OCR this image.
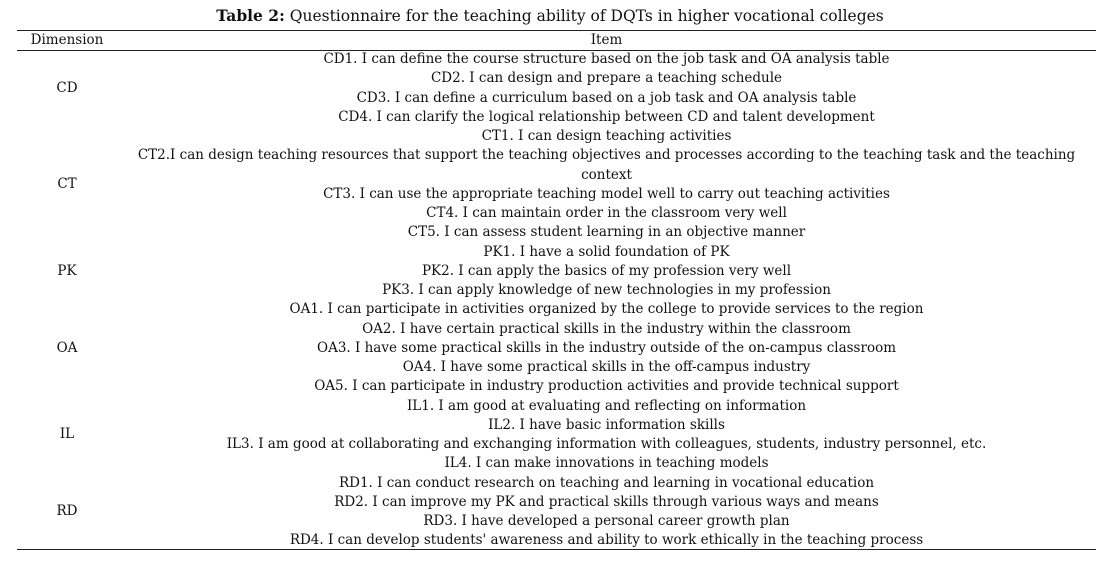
Table 2: Questionnaire for the teaching ability of DQTs in higher vocational colleges
Dimension	Item
CD
CD1. I can define the course structure based on the job task and OA analysis table
CD2. I can design and prepare a teaching schedule
CD3. I can define a curriculum based on a job task and OA analysis table
CD4. I can clarify the logical relationship between CD and talent development
CT
CT1. I can design teaching activities
CT2.I can design teaching resources that support the teaching objectives and processes according to the teaching task and the teaching context
CT3. I can use the appropriate teaching model well to carry out teaching activities
CT4. I can maintain order in the classroom very well
CT5. I can assess student learning in an objective manner
PK
PK1. I have a solid foundation of PK
PK2. I can apply the basics of my profession very well
PK3. I can apply knowledge of new technologies in my profession
OA
OA1. I can participate in activities organized by the college to provide services to the region
OA2. I have certain practical skills in the industry within the classroom
OA3. I have some practical skills in the industry outside of the on-campus classroom
OA4. I have some practical skills in the off-campus industry
OA5. I can participate in industry production activities and provide technical support
IL
IL1. I am good at evaluating and reflecting on information
IL2. I have basic information skills
IL3. I am good at collaborating and exchanging information with colleagues, students, industry personnel, etc.
IL4. I can make innovations in teaching models
RD
RD1. I can conduct research on teaching and learning in vocational education
RD2. I can improve my PK and practical skills through various ways and means
RD3. I have developed a personal career growth plan
RD4. I can develop students' awareness and ability to work ethically in the teaching process
